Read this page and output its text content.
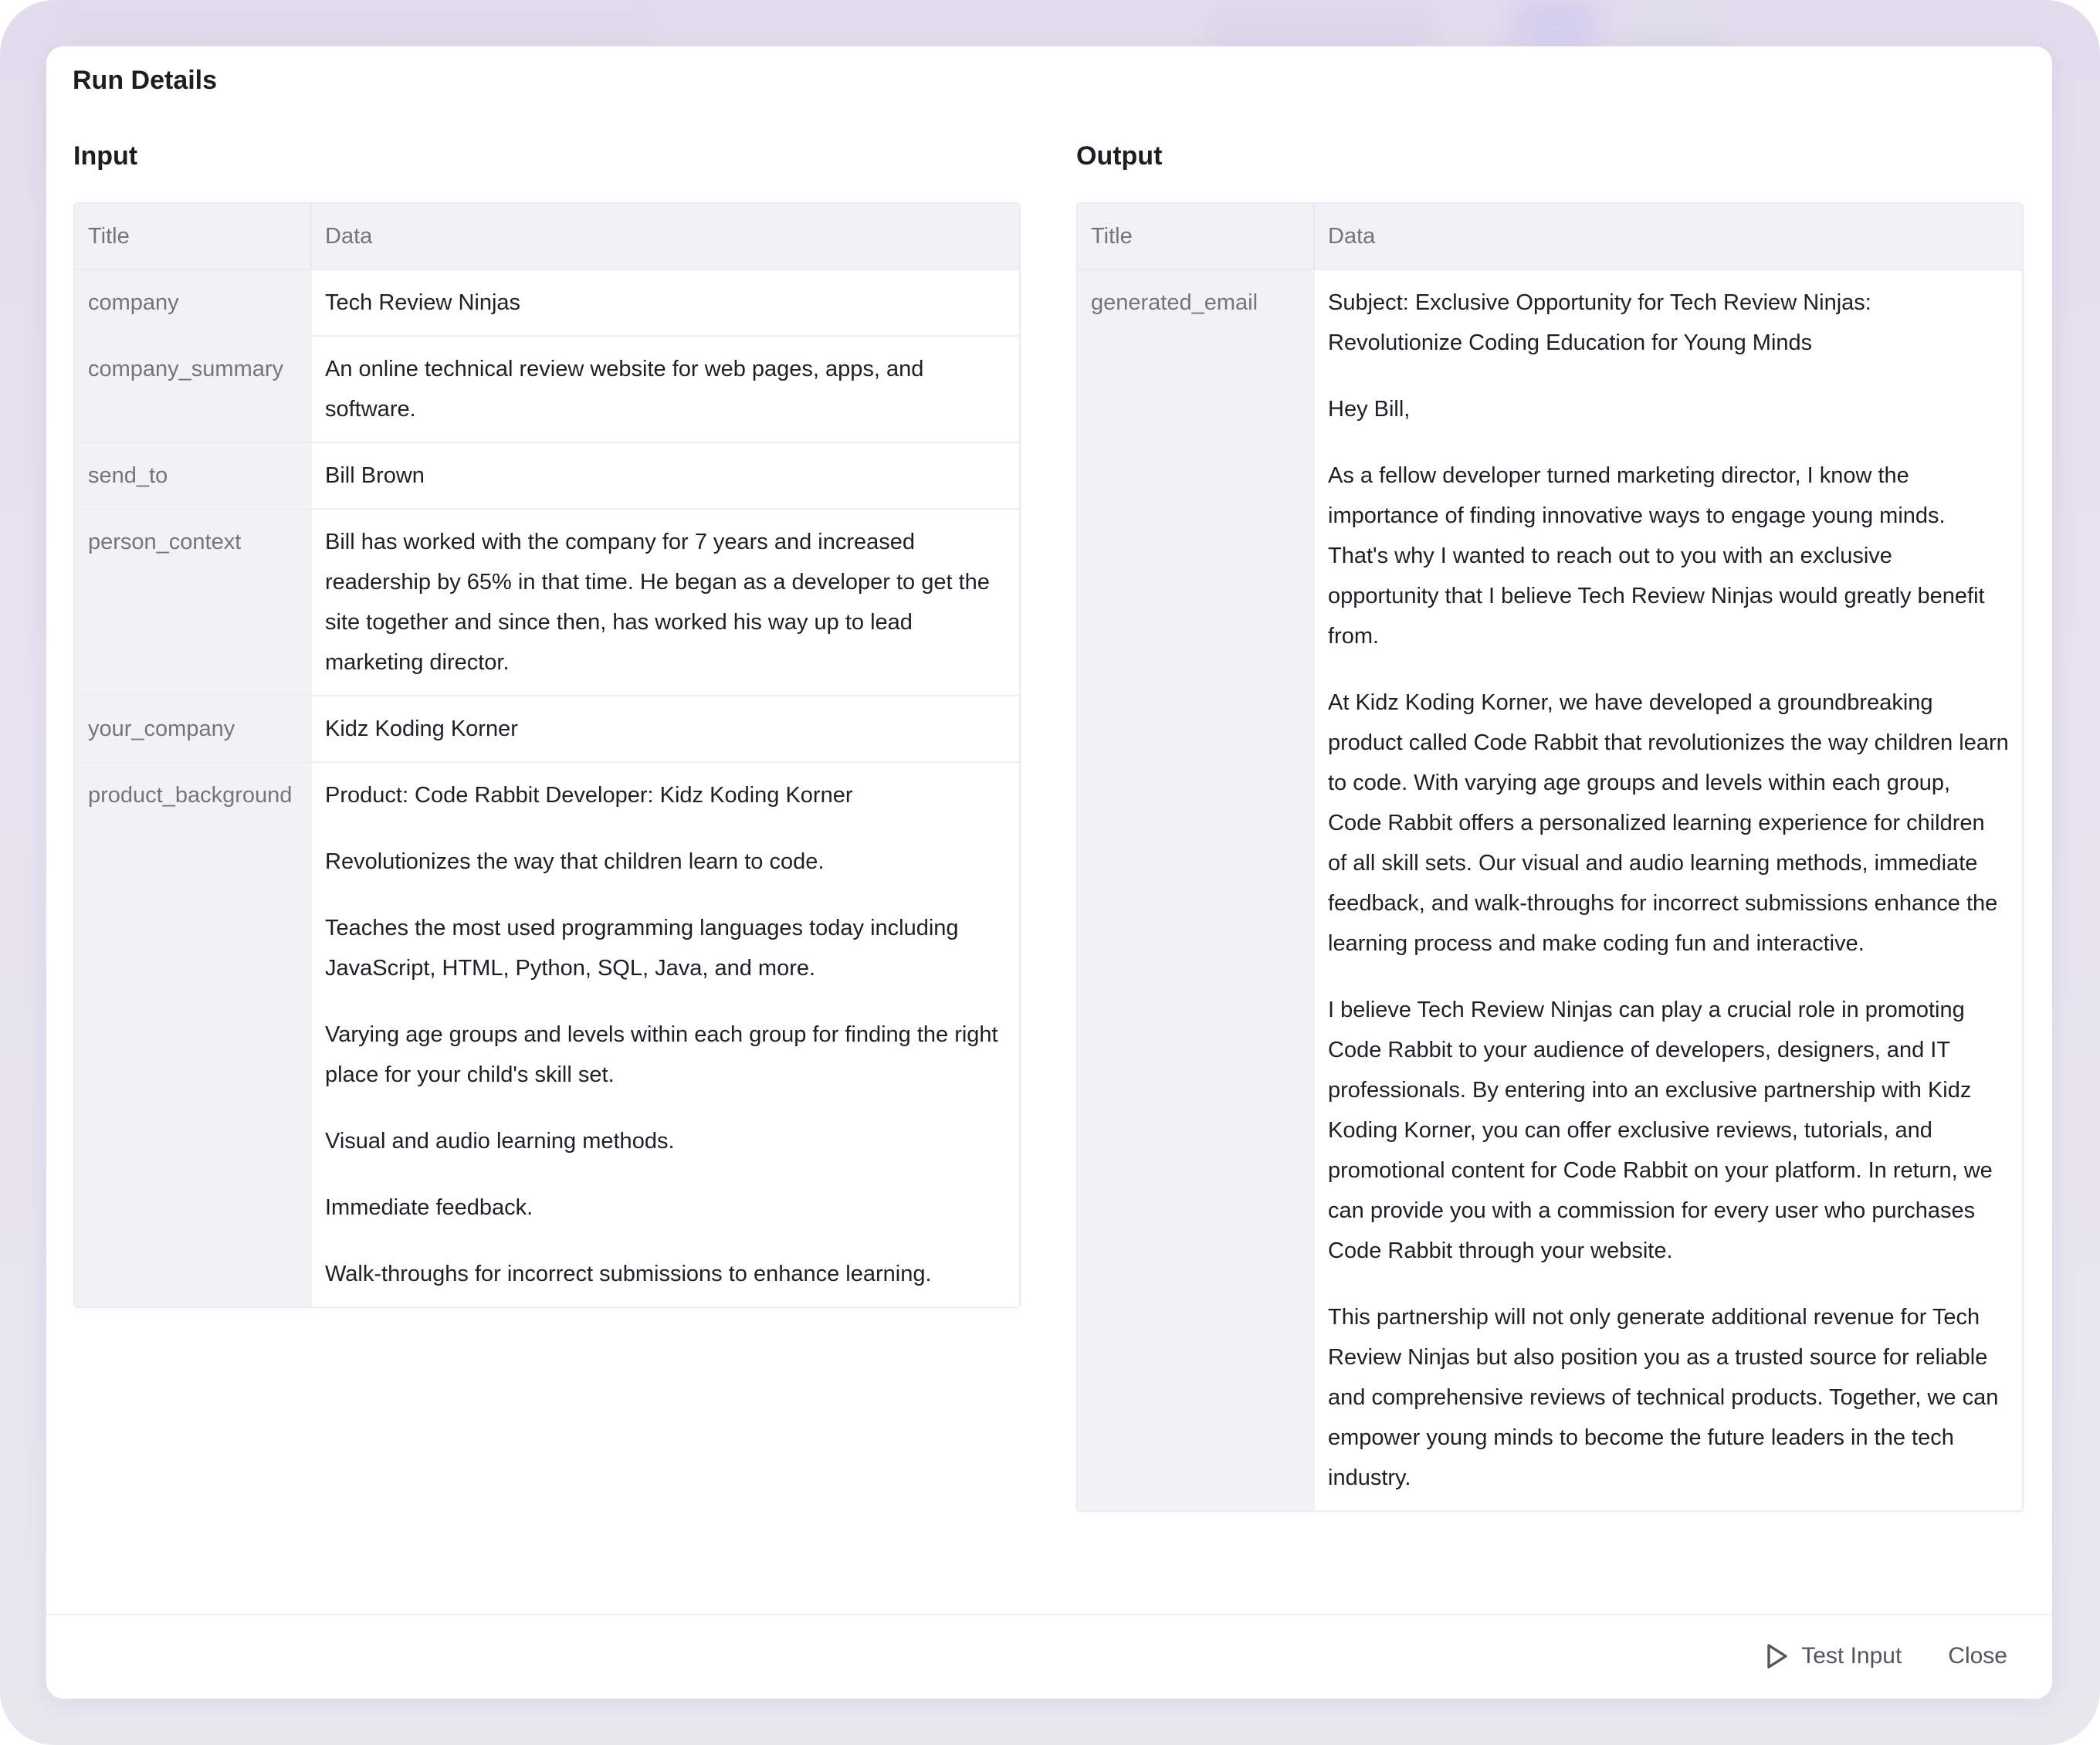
Run Details
Input
Title	Data
company	Tech Review Ninjas

company_summary	An online technical review website for web pages, apps, and software.

send_to	Bill Brown

person_context	Bill has worked with the company for 7 years and increased readership by 65% in that time. He began as a developer to get the site together and since then, has worked his way up to lead marketing director.

your_company	Kidz Koding Korner

product_background	Product: Code Rabbit Developer: Kidz Koding Korner

Revolutionizes the way that children learn to code.

Teaches the most used programming languages today including JavaScript, HTML, Python, SQL, Java, and more.

Varying age groups and levels within each group for finding the right place for your child's skill set.

Visual and audio learning methods.

Immediate feedback.

Walk-throughs for incorrect submissions to enhance learning.

Output
Title	Data
generated_email	Subject: Exclusive Opportunity for Tech Review Ninjas: Revolutionize Coding Education for Young Minds

Hey Bill,

As a fellow developer turned marketing director, I know the importance of finding innovative ways to engage young minds. That's why I wanted to reach out to you with an exclusive opportunity that I believe Tech Review Ninjas would greatly benefit from.

At Kidz Koding Korner, we have developed a groundbreaking product called Code Rabbit that revolutionizes the way children learn to code. With varying age groups and levels within each group, Code Rabbit offers a personalized learning experience for children of all skill sets. Our visual and audio learning methods, immediate feedback, and walk-throughs for incorrect submissions enhance the learning process and make coding fun and interactive.

I believe Tech Review Ninjas can play a crucial role in promoting Code Rabbit to your audience of developers, designers, and IT professionals. By entering into an exclusive partnership with Kidz Koding Korner, you can offer exclusive reviews, tutorials, and promotional content for Code Rabbit on your platform. In return, we can provide you with a commission for every user who purchases Code Rabbit through your website.

This partnership will not only generate additional revenue for Tech Review Ninjas but also position you as a trusted source for reliable and comprehensive reviews of technical products. Together, we can empower young minds to become the future leaders in the tech industry.

Test Input Close
